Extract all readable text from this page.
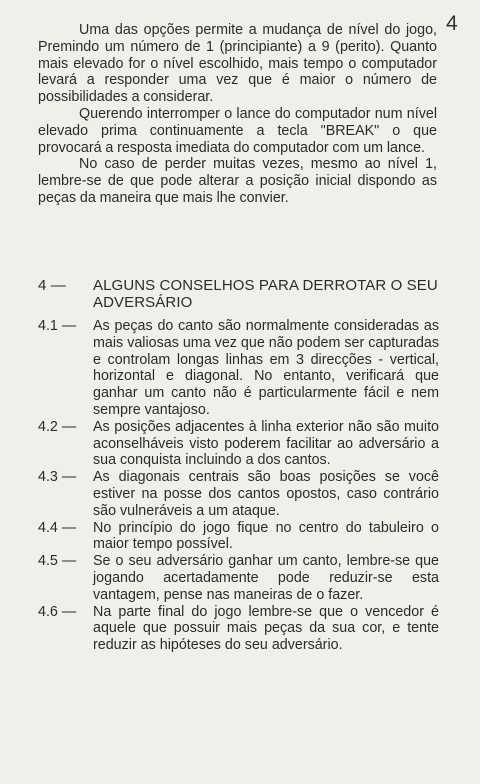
4

Uma das opções permite a mudança de nível do jogo, Premindo um número de 1 (principiante) a 9 (perito). Quanto mais elevado for o nível escolhido, mais tempo o computador levará a responder uma vez que é maior o número de possibilidades a considerar.

Querendo interromper o lance do computador num nível elevado prima continuamente a tecla "BREAK" o que provocará a resposta imediata do computador com um lance.

No caso de perder muitas vezes, mesmo ao nível 1, lembre-se de que pode alterar a posição inicial dispondo as peças da maneira que mais lhe convier.

4 —	ALGUNS CONSELHOS PARA DERROTAR O SEU ADVERSÁRIO
4.1 —	As peças do canto são normalmente consideradas as mais valiosas uma vez que não podem ser capturadas e controlam longas linhas em 3 direcções - vertical, horizontal e diagonal. No entanto, verificará que ganhar um canto não é particularmente fácil e nem sempre vantajoso.
4.2 —	As posições adjacentes à linha exterior não são muito aconselháveis visto poderem facilitar ao adversário a sua conquista incluindo a dos cantos.
4.3 —	As diagonais centrais são boas posições se você estiver na posse dos cantos opostos, caso contrário são vulneráveis a um ataque.
4.4 —	No princípio do jogo fique no centro do tabuleiro o maior tempo possível.
4.5 —	Se o seu adversário ganhar um canto, lembre-se que jogando acertadamente pode reduzir-se esta vantagem, pense nas maneiras de o fazer.
4.6 —	Na parte final do jogo lembre-se que o vencedor é aquele que possuir mais peças da sua cor, e tente reduzir as hipóteses do seu adversário.
